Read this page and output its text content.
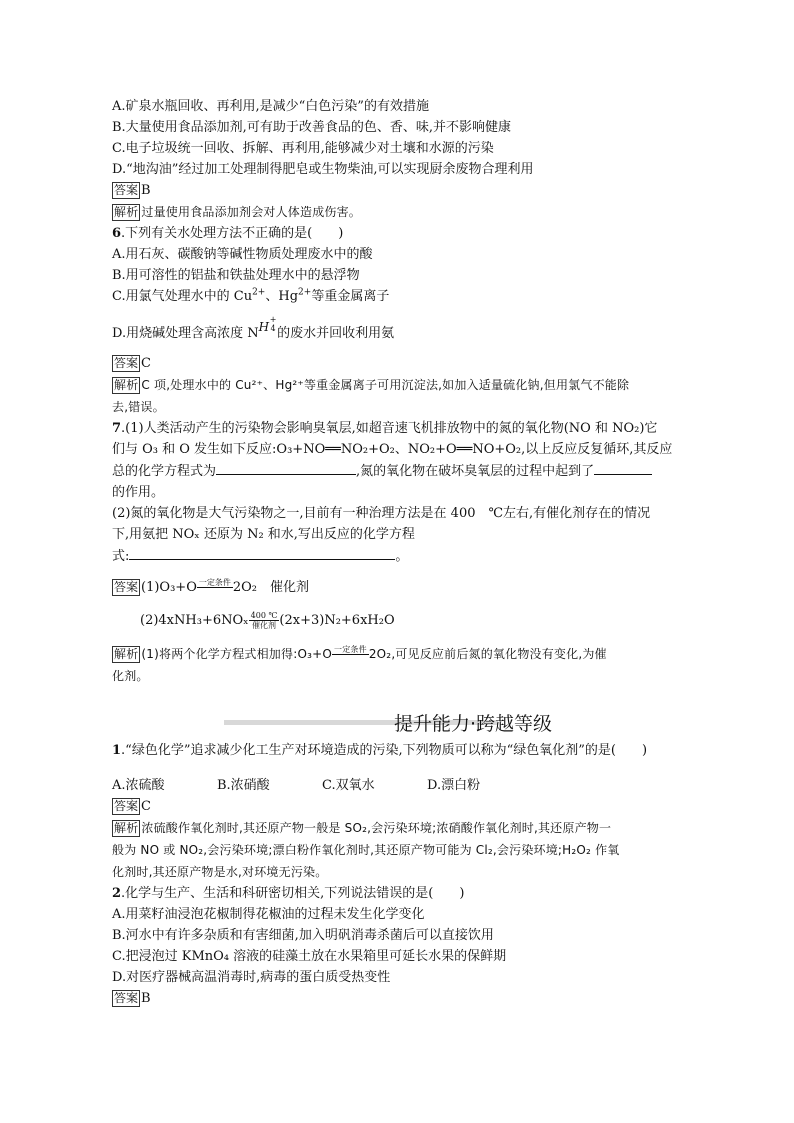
A.矿泉水瓶回收、再利用,是减少“白色污染”的有效措施
B.大量使用食品添加剂,可有助于改善食品的色、香、味,并不影响健康
C.电子垃圾统一回收、拆解、再利用,能够减少对土壤和水源的污染
D.“地沟油”经过加工处理制得肥皂或生物柴油,可以实现厨余废物合理利用
答案 B
解析 过量使用食品添加剂会对人体造成伤害。
6.下列有关水处理方法不正确的是(　　)
A.用石灰、碳酸钠等碱性物质处理废水中的酸
B.用可溶性的铝盐和铁盐处理水中的悬浮物
C.用氯气处理水中的 $Cu^{2+}$、$Hg^{2+}$等重金属离子
D.用烧碱处理含高浓度 NH
+
4 的废水并回收利用氨
答案 C
解析 C 项,处理水中的 Cu²⁺、Hg²⁺等重金属离子可用沉淀法,如加入适量硫化钠,但用氯气不能除
去,错误。
7.(1)人类活动产生的污染物会影响臭氧层,如超音速飞机排放物中的氮的氧化物(NO 和 NO₂)它
们与 O₃ 和 O 发生如下反应:O₃+NO══NO₂+O₂、NO₂+O══NO+O₂,以上反应反复循环,其反应
总的化学方程式为	,氮的氧化物在破坏臭氧层的过程中起到了
的作用。
(2)氮的氧化物是大气污染物之一,目前有一种治理方法是在 400　℃左右,有催化剂存在的情况
下,用氨把 NOₓ 还原为 N₂ 和水,写出反应的化学方程
式:	。
答案 (1)O₃+O 一定条件
2O₂　催化剂
(2)4xNH₃+6NOₓ 400 ℃
催化剂 (2x+3)N₂+6xH₂O
解析 (1)将两个化学方程式相加得:O₃+O 一定条件
2O₂,可见反应前后氮的氧化物没有变化,为催
化剂。
提升能力·跨越等级
1.“绿色化学”追求减少化工生产对环境造成的污染,下列物质可以称为“绿色氧化剂”的是(　　)
A.浓硫酸	B.浓硝酸	C.双氧水	D.漂白粉
答案 C
解析 浓硫酸作氧化剂时,其还原产物一般是 SO₂,会污染环境;浓硝酸作氧化剂时,其还原产物一
般为 NO 或 NO₂,会污染环境;漂白粉作氧化剂时,其还原产物可能为 Cl₂,会污染环境;H₂O₂ 作氧
化剂时,其还原产物是水,对环境无污染。
2.化学与生产、生活和科研密切相关,下列说法错误的是(　　)
A.用菜籽油浸泡花椒制得花椒油的过程未发生化学变化
B.河水中有许多杂质和有害细菌,加入明矾消毒杀菌后可以直接饮用
C.把浸泡过 KMnO₄ 溶液的硅藻土放在水果箱里可延长水果的保鲜期
D.对医疗器械高温消毒时,病毒的蛋白质受热变性
答案 B
